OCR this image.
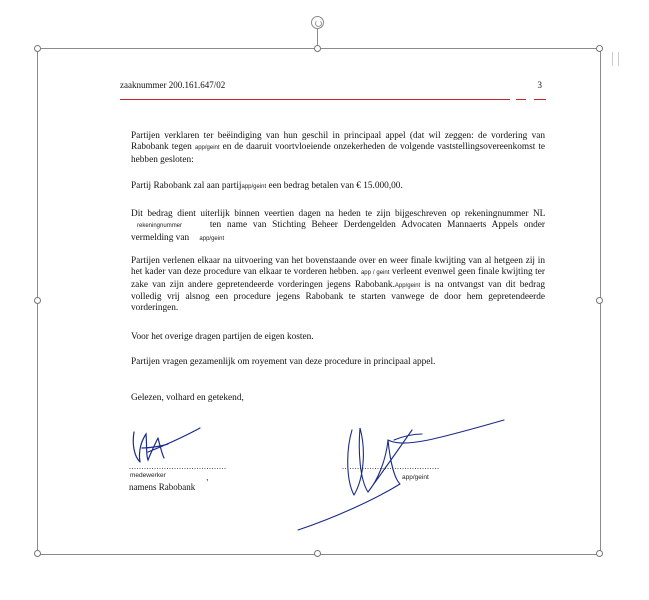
zaaknummer 200.161.647/02	3
Partijen verklaren ter beëindiging van hun geschil in principaal appel (dat wil zeggen: de vordering van Rabobank tegen app/geint en de daaruit voortvloeiende onzekerheden de volgende vaststellingsovereenkomst te hebben gesloten:
Partij Rabobank zal aan partijapp/geint een bedrag betalen van € 15.000,00.
Dit bedrag dient uiterlijk binnen veertien dagen na heden te zijn bijgeschreven op rekeningnummer NL rekeningnummer	ten name van Stichting Beheer Derdengelden Advocaten Mannaerts Appels onder vermelding van app/geint
Partijen verlenen elkaar na uitvoering van het bovenstaande over en weer finale kwijting van al hetgeen zij in het kader van deze procedure van elkaar te vorderen hebben. app / geint verleent evenwel geen finale kwijting ter zake van zijn andere gepretendeerde vorderingen jegens Rabobank.App/geint is na ontvangst van dit bedrag volledig vrij alsnog een procedure jegens Rabobank te starten vanwege de door hem gepretendeerde vorderingen.
Voor het overige dragen partijen de eigen kosten.
Partijen vragen gezamenlijk om royement van deze procedure in principaal appel.
Gelezen, volhard en getekend,
.......................................
medewerker	,
namens Rabobank
.......................................
app/geint
